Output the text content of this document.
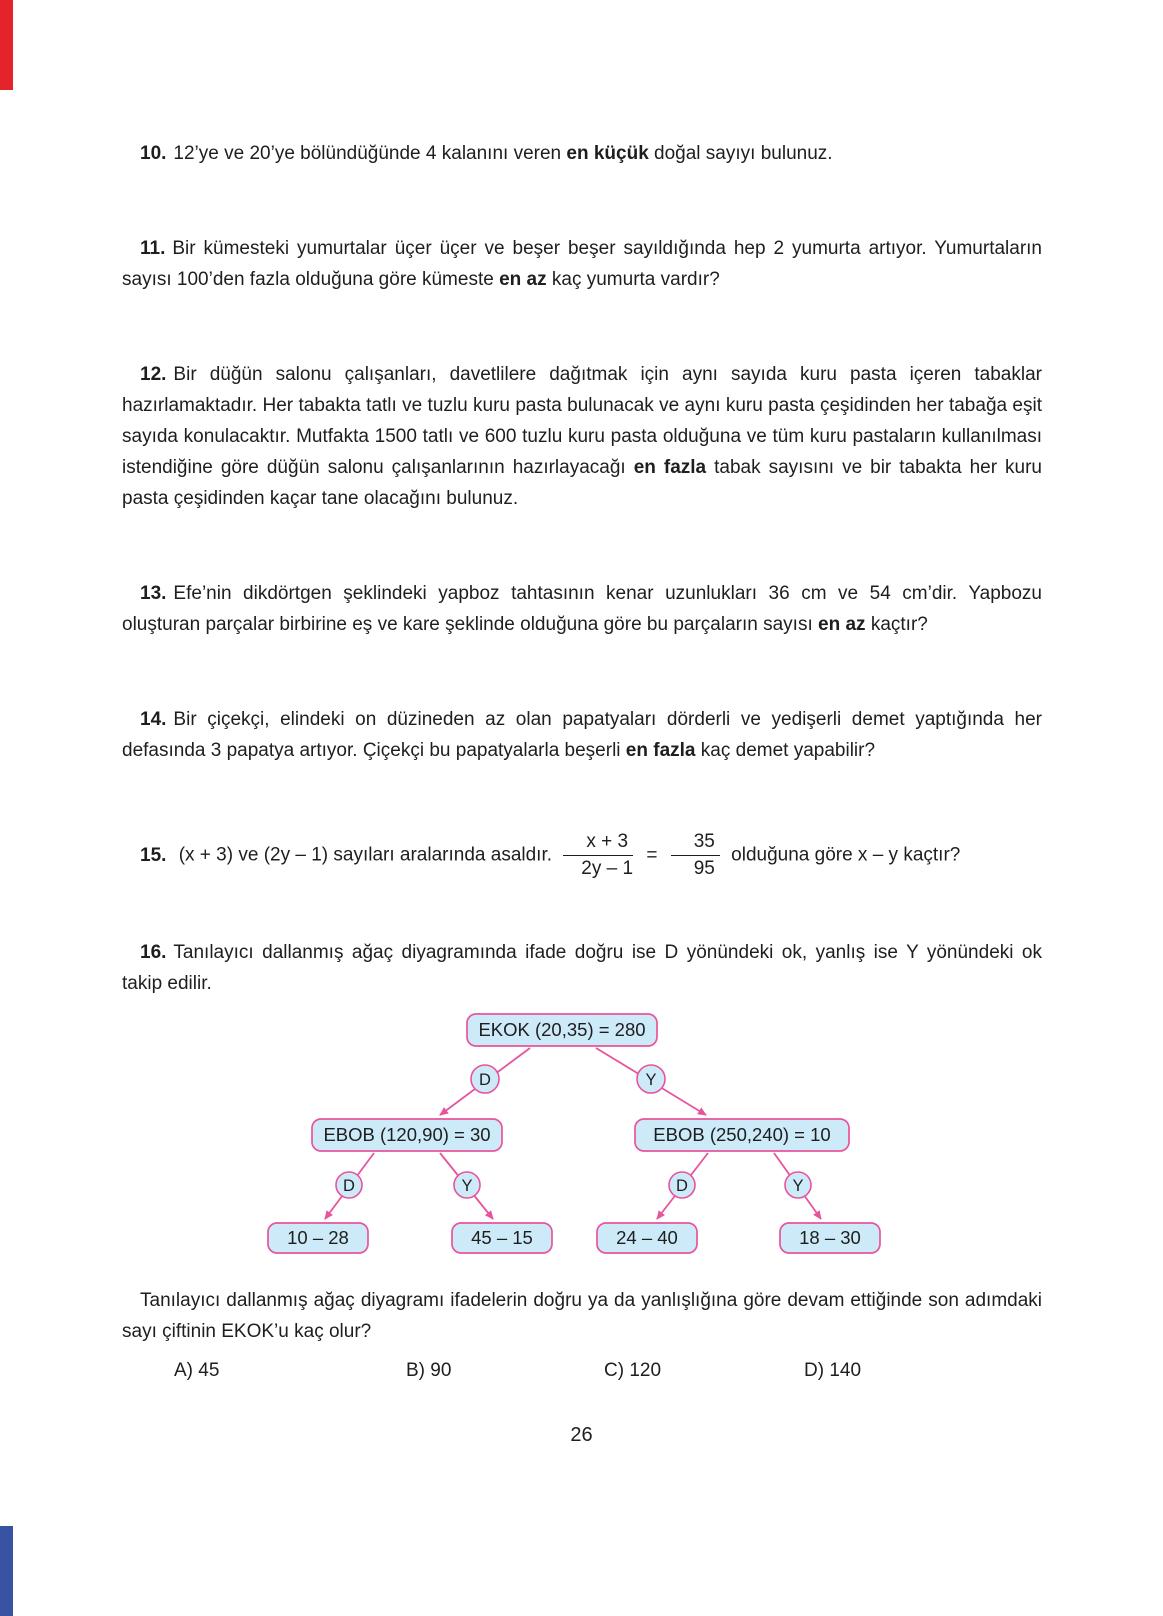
10. 12’ye ve 20’ye bölündüğünde 4 kalanını veren en küçük doğal sayıyı bulunuz.

11. Bir kümesteki yumurtalar üçer üçer ve beşer beşer sayıldığında hep 2 yumurta artıyor. Yumurtaların sayısı 100’den fazla olduğuna göre kümeste en az kaç yumurta vardır?

12. Bir düğün salonu çalışanları, davetlilere dağıtmak için aynı sayıda kuru pasta içeren tabaklar hazırlamaktadır. Her tabakta tatlı ve tuzlu kuru pasta bulunacak ve aynı kuru pasta çeşidinden her tabağa eşit sayıda konulacaktır. Mutfakta 1500 tatlı ve 600 tuzlu kuru pasta olduğuna ve tüm kuru pastaların kullanılması istendiğine göre düğün salonu çalışanlarının hazırlayacağı en fazla tabak sayısını ve bir tabakta her kuru pasta çeşidinden kaçar tane olacağını bulunuz.

13. Efe’nin dikdörtgen şeklindeki yapboz tahtasının kenar uzunlukları 36 cm ve 54 cm’dir. Yapbozu oluşturan parçalar birbirine eş ve kare şeklinde olduğuna göre bu parçaların sayısı en az kaçtır?

14. Bir çiçekçi, elindeki on düzineden az olan papatyaları dörderli ve yedişerli demet yaptığında her defasında 3 papatya artıyor. Çiçekçi bu papatyalarla beşerli en fazla kaç demet yapabilir?

15. (x + 3) ve (2y – 1) sayıları aralarında asaldır. $\frac{x + 3}{2y - 1} = \frac{35}{95}$ olduğuna göre x – y kaçtır?

16. Tanılayıcı dallanmış ağaç diyagramında ifade doğru ise D yönündeki ok, yanlış ise Y yönündeki ok takip edilir.

D	Y
D	Y	D	Y
EKOK (20,35) = 280
EBOB (120,90) = 30	EBOB (250,240) = 10
10 – 28	45 – 15	24 – 40	18 – 30

Tanılayıcı dallanmış ağaç diyagramı ifadelerin doğru ya da yanlışlığına göre devam ettiğinde son adımdaki sayı çiftinin EKOK’u kaç olur?

A) 45	B) 90	C) 120	D) 140
26
